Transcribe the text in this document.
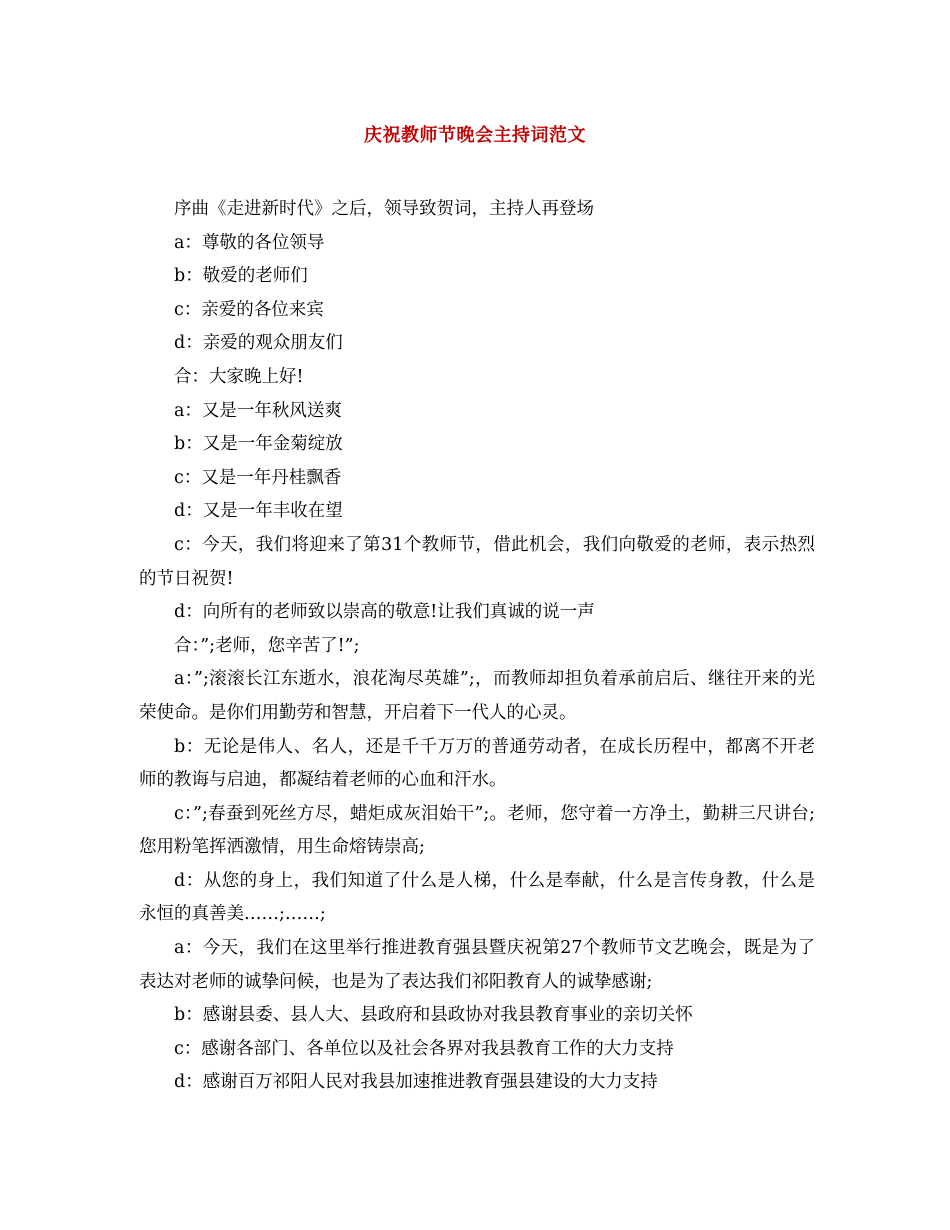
庆祝教师节晚会主持词范文

序曲《走进新时代》之后，领导致贺词，主持人再登场

a：尊敬的各位领导

b：敬爱的老师们

c：亲爱的各位来宾

d：亲爱的观众朋友们

合：大家晚上好!

a：又是一年秋风送爽

b：又是一年金菊绽放

c：又是一年丹桂飘香

d：又是一年丰收在望

c：今天，我们将迎来了第31个教师节，借此机会，我们向敬爱的老师，表示热烈的节日祝贺!

d：向所有的老师致以崇高的敬意!让我们真诚的说一声

合：”;老师，您辛苦了!”;

a：”;滚滚长江东逝水，浪花淘尽英雄”;，而教师却担负着承前启后、继往开来的光荣使命。是你们用勤劳和智慧，开启着下一代人的心灵。

b：无论是伟人、名人，还是千千万万的普通劳动者，在成长历程中，都离不开老师的教诲与启迪，都凝结着老师的心血和汗水。

c：”;春蚕到死丝方尽，蜡炬成灰泪始干”;。老师，您守着一方净土，勤耕三尺讲台;您用粉笔挥洒激情，用生命熔铸崇高;

d：从您的身上，我们知道了什么是人梯，什么是奉献，什么是言传身教，什么是永恒的真善美……;……;

a：今天，我们在这里举行推进教育强县暨庆祝第27个教师节文艺晚会，既是为了表达对老师的诚挚问候，也是为了表达我们祁阳教育人的诚挚感谢;

b：感谢县委、县人大、县政府和县政协对我县教育事业的亲切关怀

c：感谢各部门、各单位以及社会各界对我县教育工作的大力支持

d：感谢百万祁阳人民对我县加速推进教育强县建设的大力支持
